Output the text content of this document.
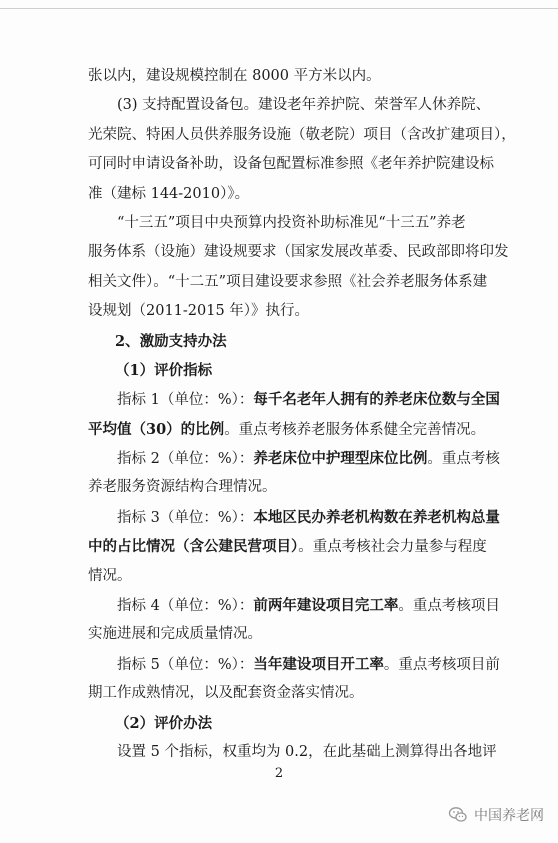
张以内，建设规模控制在 8000 平方米以内。
(3) 支持配置设备包。建设老年养护院、荣誉军人休养院、
光荣院、特困人员供养服务设施（敬老院）项目（含改扩建项目），
可同时申请设备补助，设备包配置标准参照《老年养护院建设标
准（建标 144-2010）》。
“十三五”项目中央预算内投资补助标准见“十三五”养老
服务体系（设施）建设规要求（国家发展改革委、民政部即将印发
相关文件）。“十二五”项目建设要求参照《社会养老服务体系建
设规划（2011-2015 年）》执行。
2、激励支持办法
（1）评价指标
指标 1（单位：%）：每千名老年人拥有的养老床位数与全国
平均值（30）的比例。重点考核养老服务体系健全完善情况。
指标 2（单位：%）：养老床位中护理型床位比例。重点考核
养老服务资源结构合理情况。
指标 3（单位：%）：本地区民办养老机构数在养老机构总量
中的占比情况（含公建民营项目）。重点考核社会力量参与程度
情况。
指标 4（单位：%）：前两年建设项目完工率。重点考核项目
实施进展和完成质量情况。
指标 5（单位：%）：当年建设项目开工率。重点考核项目前
期工作成熟情况，以及配套资金落实情况。
（2）评价办法
设置 5 个指标，权重均为 0.2，在此基础上测算得出各地评
2
中国养老网
